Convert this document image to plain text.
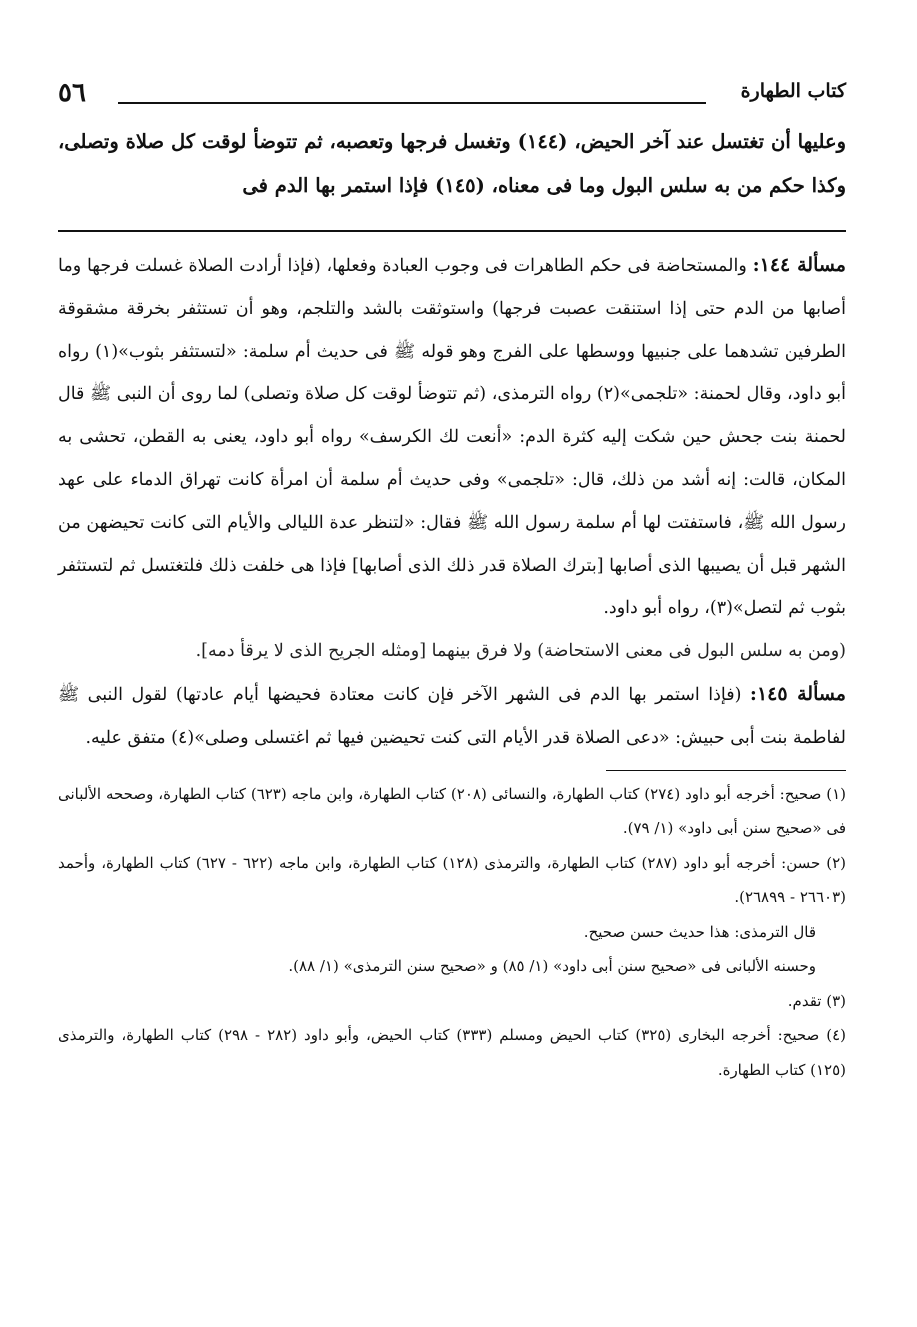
كتاب الطهارة
٥٦

وعليها أن تغتسل عند آخر الحيض، (١٤٤) وتغسل فرجها وتعصبه، ثم تتوضأ لوقت كل صلاة وتصلى، وكذا حكم من به سلس البول وما فى معناه، (١٤٥) فإذا استمر بها الدم فى

مسألة ١٤٤: والمستحاضة فى حكم الطاهرات فى وجوب العبادة وفعلها، (فإذا أرادت الصلاة غسلت فرجها وما أصابها من الدم حتى إذا استنقت عصبت فرجها) واستوثقت بالشد والتلجم، وهو أن تستثفر بخرقة مشقوقة الطرفين تشدهما على جنبيها ووسطها على الفرج وهو قوله ﷺ فى حديث أم سلمة: «لتستثفر بثوب»(١) رواه أبو داود، وقال لحمنة: «تلجمى»(٢) رواه الترمذى، (ثم تتوضأ لوقت كل صلاة وتصلى) لما روى أن النبى ﷺ قال لحمنة بنت جحش حين شكت إليه كثرة الدم: «أنعت لك الكرسف» رواه أبو داود، يعنى به القطن، تحشى به المكان، قالت: إنه أشد من ذلك، قال: «تلجمى» وفى حديث أم سلمة أن امرأة كانت تهراق الدماء على عهد رسول الله ﷺ، فاستفتت لها أم سلمة رسول الله ﷺ فقال: «لتنظر عدة الليالى والأيام التى كانت تحيضهن من الشهر قبل أن يصيبها الذى أصابها [بترك الصلاة قدر ذلك الذى أصابها] فإذا هى خلفت ذلك فلتغتسل ثم لتستثفر بثوب ثم لتصل»(٣)، رواه أبو داود.

(ومن به سلس البول فى معنى الاستحاضة) ولا فرق بينهما [ومثله الجريح الذى لا يرقأ دمه].

مسألة ١٤٥: (فإذا استمر بها الدم فى الشهر الآخر فإن كانت معتادة فحيضها أيام عادتها) لقول النبى ﷺ لفاطمة بنت أبى حبيش: «دعى الصلاة قدر الأيام التى كنت تحيضين فيها ثم اغتسلى وصلى»(٤) متفق عليه.

(١) صحيح: أخرجه أبو داود (٢٧٤) كتاب الطهارة، والنسائى (٢٠٨) كتاب الطهارة، وابن ماجه (٦٢٣) كتاب الطهارة، وصححه الألبانى فى «صحيح سنن أبى داود» (١/ ٧٩).

(٢) حسن: أخرجه أبو داود (٢٨٧) كتاب الطهارة، والترمذى (١٢٨) كتاب الطهارة، وابن ماجه (٦٢٢ - ٦٢٧) كتاب الطهارة، وأحمد (٢٦٦٠٣ - ٢٦٨٩٩).

قال الترمذى: هذا حديث حسن صحيح.

وحسنه الألبانى فى «صحيح سنن أبى داود» (١/ ٨٥) و «صحيح سنن الترمذى» (١/ ٨٨).

(٣) تقدم.

(٤) صحيح: أخرجه البخارى (٣٢٥) كتاب الحيض ومسلم (٣٣٣) كتاب الحيض، وأبو داود (٢٨٢ - ٢٩٨) كتاب الطهارة، والترمذى (١٢٥) كتاب الطهارة.
